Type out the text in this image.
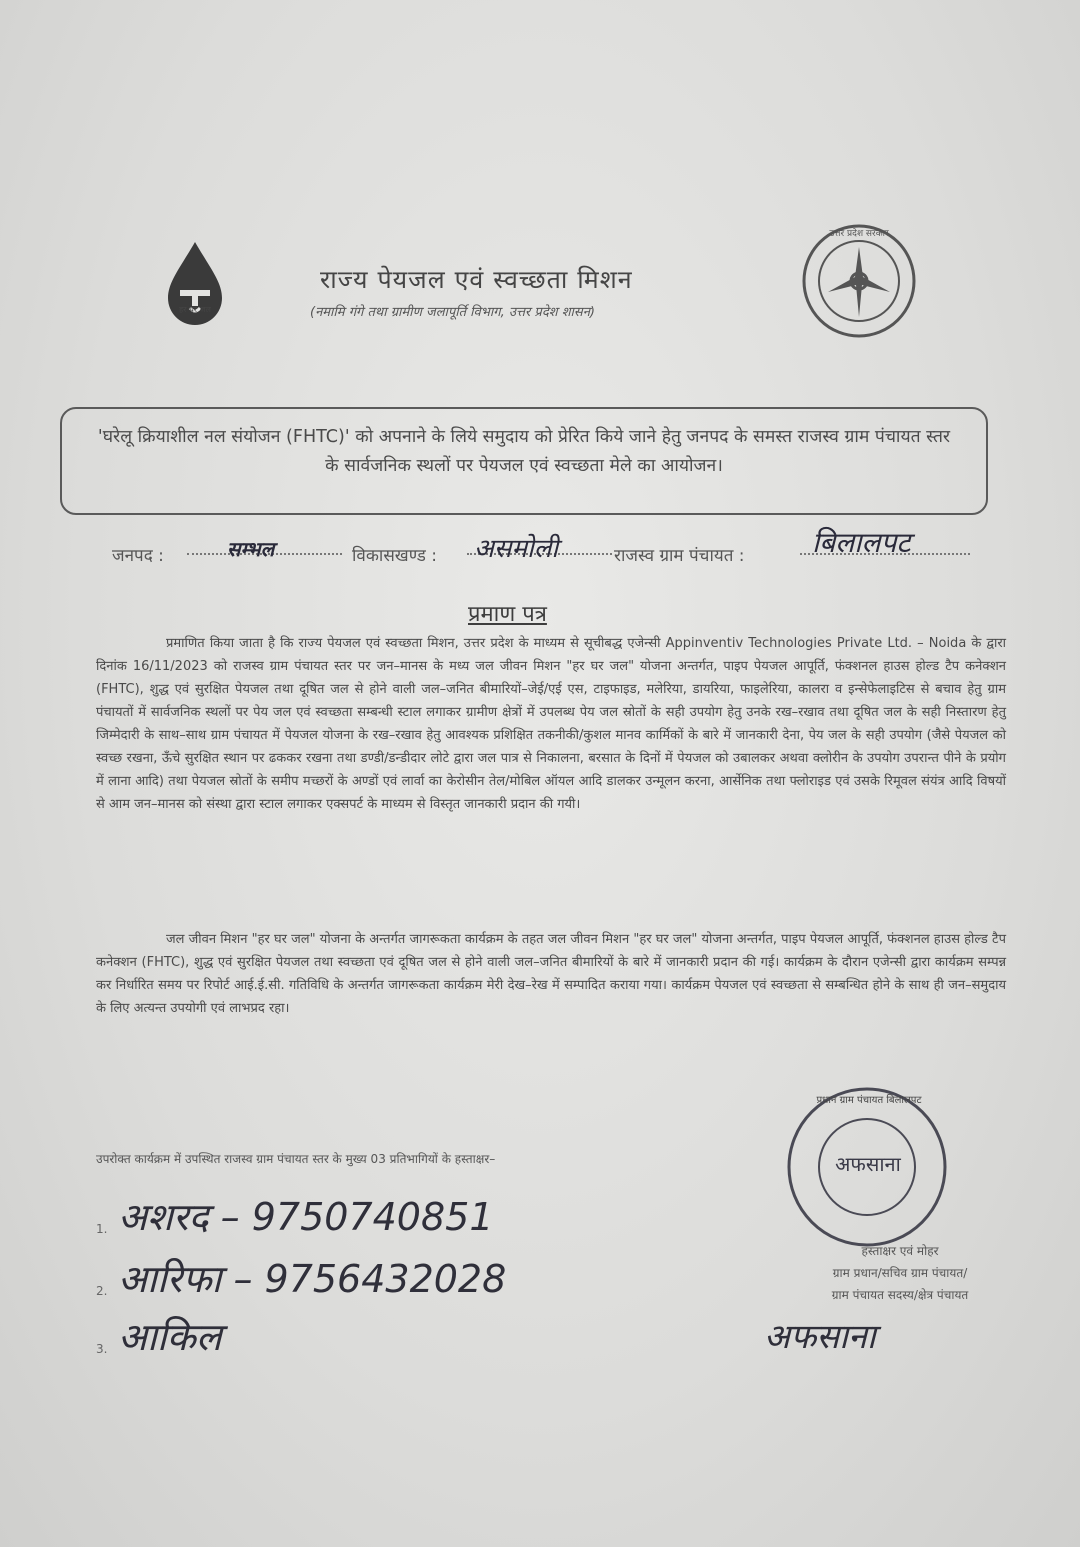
हर घर जल
उत्तर प्रदेश सरकार
राज्य पेयजल एवं स्वच्छता मिशन
(नमामि गंगे तथा ग्रामीण जलापूर्ति विभाग, उत्तर प्रदेश शासन)
'घरेलू क्रियाशील नल संयोजन (FHTC)' को अपनाने के लिये समुदाय को प्रेरित किये जाने हेतु जनपद के समस्त राजस्व ग्राम पंचायत स्तर के सार्वजनिक स्थलों पर पेयजल एवं स्वच्छता मेले का आयोजन।
जनपद :	सम्भल	विकासखण्ड : असमोली	राजस्व ग्राम पंचायत : बिलालपट
प्रमाण पत्र
प्रमाणित किया जाता है कि राज्य पेयजल एवं स्वच्छता मिशन, उत्तर प्रदेश के माध्यम से सूचीबद्ध एजेन्सी Appinventiv Technologies Private Ltd. – Noida के द्वारा दिनांक 16/11/2023 को राजस्व ग्राम पंचायत स्तर पर जन–मानस के मध्य जल जीवन मिशन "हर घर जल" योजना अन्तर्गत, पाइप पेयजल आपूर्ति, फंक्शनल हाउस होल्ड टैप कनेक्शन (FHTC), शुद्ध एवं सुरक्षित पेयजल तथा दूषित जल से होने वाली जल–जनित बीमारियों–जेई/एई एस, टाइफाइड, मलेरिया, डायरिया, फाइलेरिया, कालरा व इन्सेफेलाइटिस से बचाव हेतु ग्राम पंचायतों में सार्वजनिक स्थलों पर पेय जल एवं स्वच्छता सम्बन्धी स्टाल लगाकर ग्रामीण क्षेत्रों में उपलब्ध पेय जल स्रोतों के सही उपयोग हेतु उनके रख–रखाव तथा दूषित जल के सही निस्तारण हेतु जिम्मेदारी के साथ–साथ ग्राम पंचायत में पेयजल योजना के रख–रखाव हेतु आवश्यक प्रशिक्षित तकनीकी/कुशल मानव कार्मिकों के बारे में जानकारी देना, पेय जल के सही उपयोग (जैसे पेयजल को स्वच्छ रखना, ऊँचे सुरक्षित स्थान पर ढककर रखना तथा डण्डी/डन्डीदार लोटे द्वारा जल पात्र से निकालना, बरसात के दिनों में पेयजल को उबालकर अथवा क्लोरीन के उपयोग उपरान्त पीने के प्रयोग में लाना आदि) तथा पेयजल स्रोतों के समीप मच्छरों के अण्डों एवं लार्वा का केरोसीन तेल/मोबिल ऑयल आदि डालकर उन्मूलन करना, आर्सेनिक तथा फ्लोराइड एवं उसके रिमूवल संयंत्र आदि विषयों से आम जन–मानस को संस्था द्वारा स्टाल लगाकर एक्सपर्ट के माध्यम से विस्तृत जानकारी प्रदान की गयी।
जल जीवन मिशन "हर घर जल" योजना के अन्तर्गत जागरूकता कार्यक्रम के तहत जल जीवन मिशन "हर घर जल" योजना अन्तर्गत, पाइप पेयजल आपूर्ति, फंक्शनल हाउस होल्ड टैप कनेक्शन (FHTC), शुद्ध एवं सुरक्षित पेयजल तथा स्वच्छता एवं दूषित जल से होने वाली जल–जनित बीमारियों के बारे में जानकारी प्रदान की गई। कार्यक्रम के दौरान एजेन्सी द्वारा कार्यक्रम सम्पन्न कर निर्धारित समय पर रिपोर्ट आई.ई.सी. गतिविधि के अन्तर्गत जागरूकता कार्यक्रम मेरी देख–रेख में सम्पादित कराया गया। कार्यक्रम पेयजल एवं स्वच्छता से सम्बन्धित होने के साथ ही जन–समुदाय के लिए अत्यन्त उपयोगी एवं लाभप्रद रहा।
उपरोक्त कार्यक्रम में उपस्थित राजस्व ग्राम पंचायत स्तर के मुख्य 03 प्रतिभागियों के हस्ताक्षर–
1. अशरद – 9750740851
2. आरिफा – 9756432028
3. आकिल
अफसाना
प्रधान ग्राम पंचायत बिलालपट
हस्ताक्षर एवं मोहर
ग्राम प्रधान/सचिव ग्राम पंचायत/
ग्राम पंचायत सदस्य/क्षेत्र पंचायत
अफसाना
